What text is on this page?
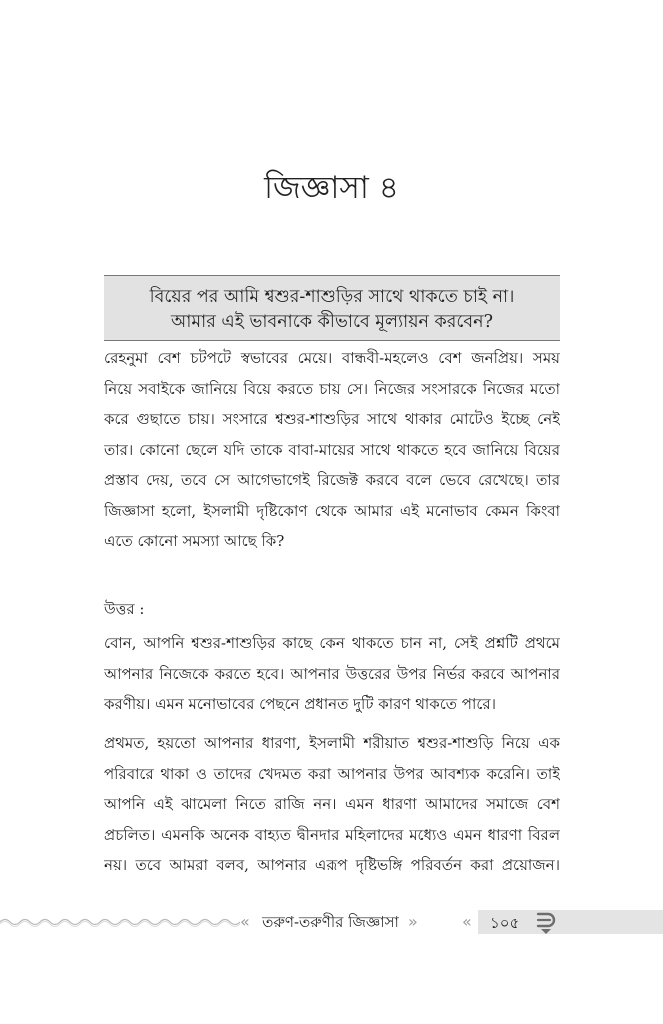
জিজ্ঞাসা ৪
বিয়ের পর আমি শ্বশুর-শাশুড়ির সাথে থাকতে চাই না।
আমার এই ভাবনাকে কীভাবে মূল্যায়ন করবেন?
রেহনুমা বেশ চটপটে স্বভাবের মেয়ে। বান্ধবী-মহলেও বেশ জনপ্রিয়। সময়
নিয়ে সবাইকে জানিয়ে বিয়ে করতে চায় সে। নিজের সংসারকে নিজের মতো
করে গুছাতে চায়। সংসারে শ্বশুর-শাশুড়ির সাথে থাকার মোটেও ইচ্ছে নেই
তার। কোনো ছেলে যদি তাকে বাবা-মায়ের সাথে থাকতে হবে জানিয়ে বিয়ের
প্রস্তাব দেয়, তবে সে আগেভাগেই রিজেক্ট করবে বলে ভেবে রেখেছে। তার
জিজ্ঞাসা হলো, ইসলামী দৃষ্টিকোণ থেকে আমার এই মনোভাব কেমন কিংবা
এতে কোনো সমস্যা আছে কি?
উত্তর :
বোন, আপনি শ্বশুর-শাশুড়ির কাছে কেন থাকতে চান না, সেই প্রশ্নটি প্রথমে
আপনার নিজেকে করতে হবে। আপনার উত্তরের উপর নির্ভর করবে আপনার
করণীয়। এমন মনোভাবের পেছনে প্রধানত দুটি কারণ থাকতে পারে।
প্রথমত, হয়তো আপনার ধারণা, ইসলামী শরীয়াত শ্বশুর-শাশুড়ি নিয়ে এক
পরিবারে থাকা ও তাদের খেদমত করা আপনার উপর আবশ্যক করেনি। তাই
আপনি এই ঝামেলা নিতে রাজি নন। এমন ধারণা আমাদের সমাজে বেশ
প্রচলিত। এমনকি অনেক বাহ্যত দ্বীনদার মহিলাদের মধ্যেও এমন ধারণা বিরল
নয়। তবে আমরা বলব, আপনার এরূপ দৃষ্টিভঙ্গি পরিবর্তন করা প্রয়োজন।
« তরুণ-তরুণীর জিজ্ঞাসা »	« ১০৫
